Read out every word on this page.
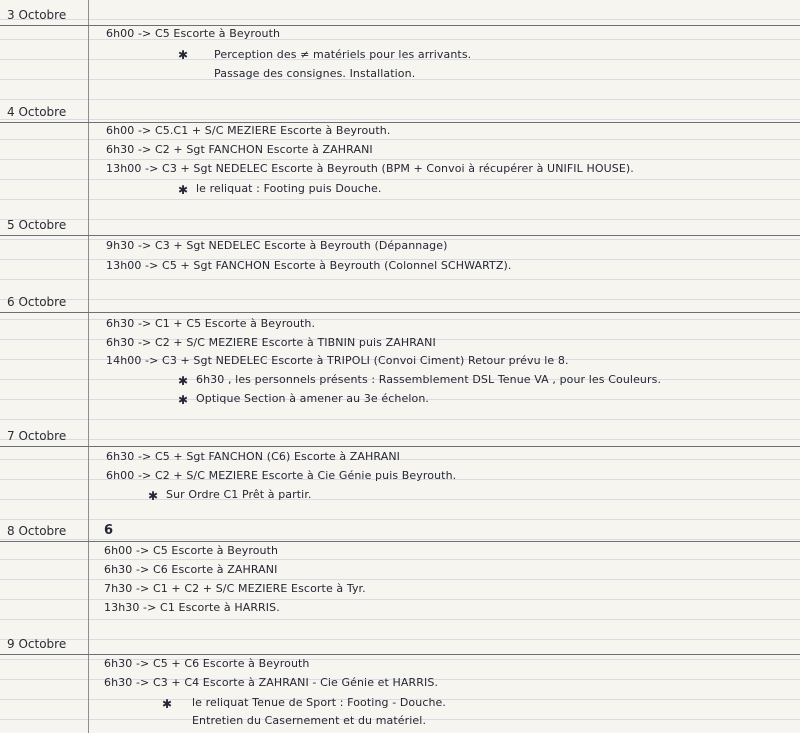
3 Octobre
6h00 -> C5 Escorte à Beyrouth
✱ Perception des ≠ matériels pour les arrivants.
Passage des consignes. Installation.
4 Octobre
6h00 -> C5.C1 + S/C MEZIERE Escorte à Beyrouth.
6h30 -> C2 + Sgt FANCHON Escorte à ZAHRANI
13h00 -> C3 + Sgt NEDELEC Escorte à Beyrouth (BPM + Convoi à récupérer à UNIFIL HOUSE).
✱ le reliquat : Footing puis Douche.
5 Octobre
9h30 -> C3 + Sgt NEDELEC Escorte à Beyrouth (Dépannage)
13h00 -> C5 + Sgt FANCHON Escorte à Beyrouth (Colonnel SCHWARTZ).
6 Octobre
6h30 -> C1 + C5 Escorte à Beyrouth.
6h30 -> C2 + S/C MEZIERE Escorte à TIBNIN puis ZAHRANI
14h00 -> C3 + Sgt NEDELEC Escorte à TRIPOLI (Convoi Ciment) Retour prévu le 8.
✱ 6h30 , les personnels présents : Rassemblement DSL Tenue VA , pour les Couleurs.
✱ Optique Section à amener au 3e échelon.
7 Octobre
6h30 -> C5 + Sgt FANCHON (C6) Escorte à ZAHRANI
6h00 -> C2 + S/C MEZIERE Escorte à Cie Génie puis Beyrouth.
✱ Sur Ordre C1 Prêt à partir.
8 Octobre	6
6h00 -> C5 Escorte à Beyrouth
6h30 -> C6 Escorte à ZAHRANI
7h30 -> C1 + C2 + S/C MEZIERE Escorte à Tyr.
13h30 -> C1 Escorte à HARRIS.
9 Octobre
6h30 -> C5 + C6 Escorte à Beyrouth
6h30 -> C3 + C4 Escorte à ZAHRANI - Cie Génie et HARRIS.
✱ le reliquat Tenue de Sport : Footing - Douche.
Entretien du Casernement et du matériel.
